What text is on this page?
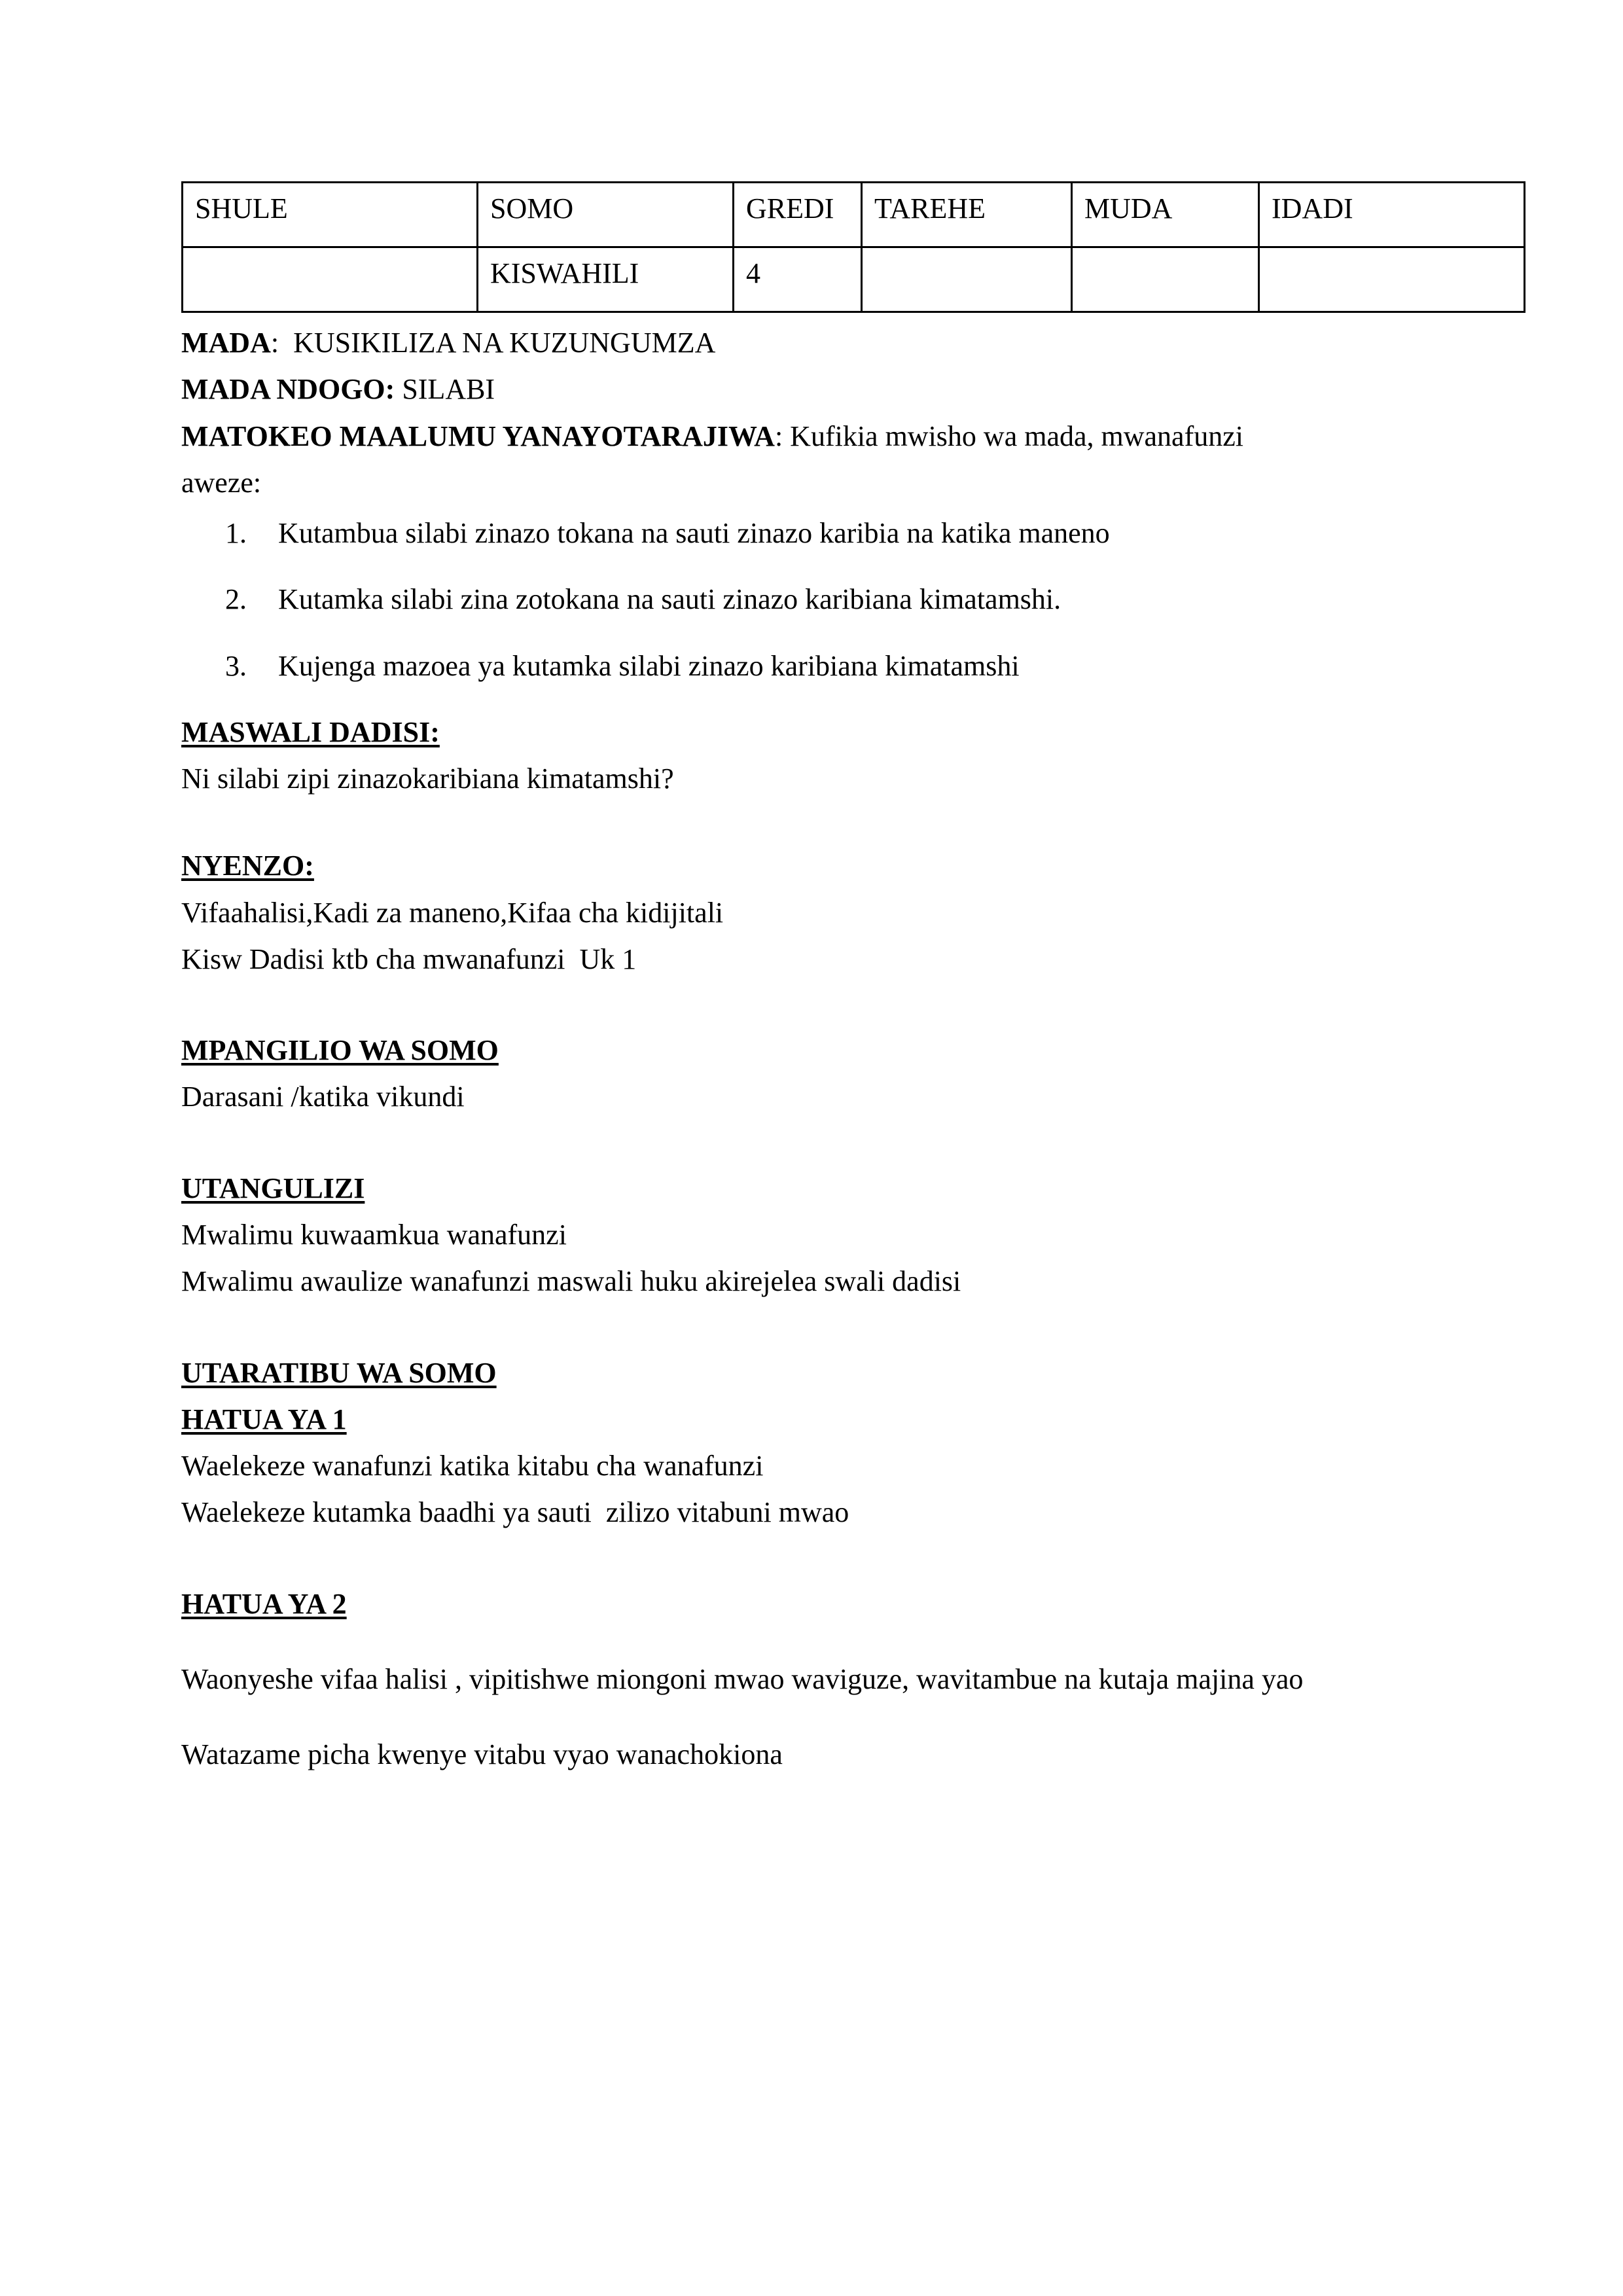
SHULE	SOMO	GREDI	TAREHE	MUDA	IDADI
	KISWAHILI	4			

MADA:  KUSIKILIZA NA KUZUNGUMZA

MADA NDOGO: SILABI

MATOKEO MAALUMU YANAYOTARAJIWA: Kufikia mwisho wa mada, mwanafunzi

aweze:

Kutambua silabi zinazo tokana na sauti zinazo karibia na katika maneno
Kutamka silabi zina zotokana na sauti zinazo karibiana kimatamshi.
Kujenga mazoea ya kutamka silabi zinazo karibiana kimatamshi

MASWALI DADISI:

Ni silabi zipi zinazokaribiana kimatamshi?

NYENZO:

Vifaahalisi,Kadi za maneno,Kifaa cha kidijitali

Kisw Dadisi ktb cha mwanafunzi  Uk 1

MPANGILIO WA SOMO

Darasani /katika vikundi

UTANGULIZI

Mwalimu kuwaamkua wanafunzi

Mwalimu awaulize wanafunzi maswali huku akirejelea swali dadisi

UTARATIBU WA SOMO

HATUA YA 1

Waelekeze wanafunzi katika kitabu cha wanafunzi

Waelekeze kutamka baadhi ya sauti  zilizo vitabuni mwao

HATUA YA 2

Waonyeshe vifaa halisi , vipitishwe miongoni mwao waviguze, wavitambue na kutaja majina yao

Watazame picha kwenye vitabu vyao wanachokiona
